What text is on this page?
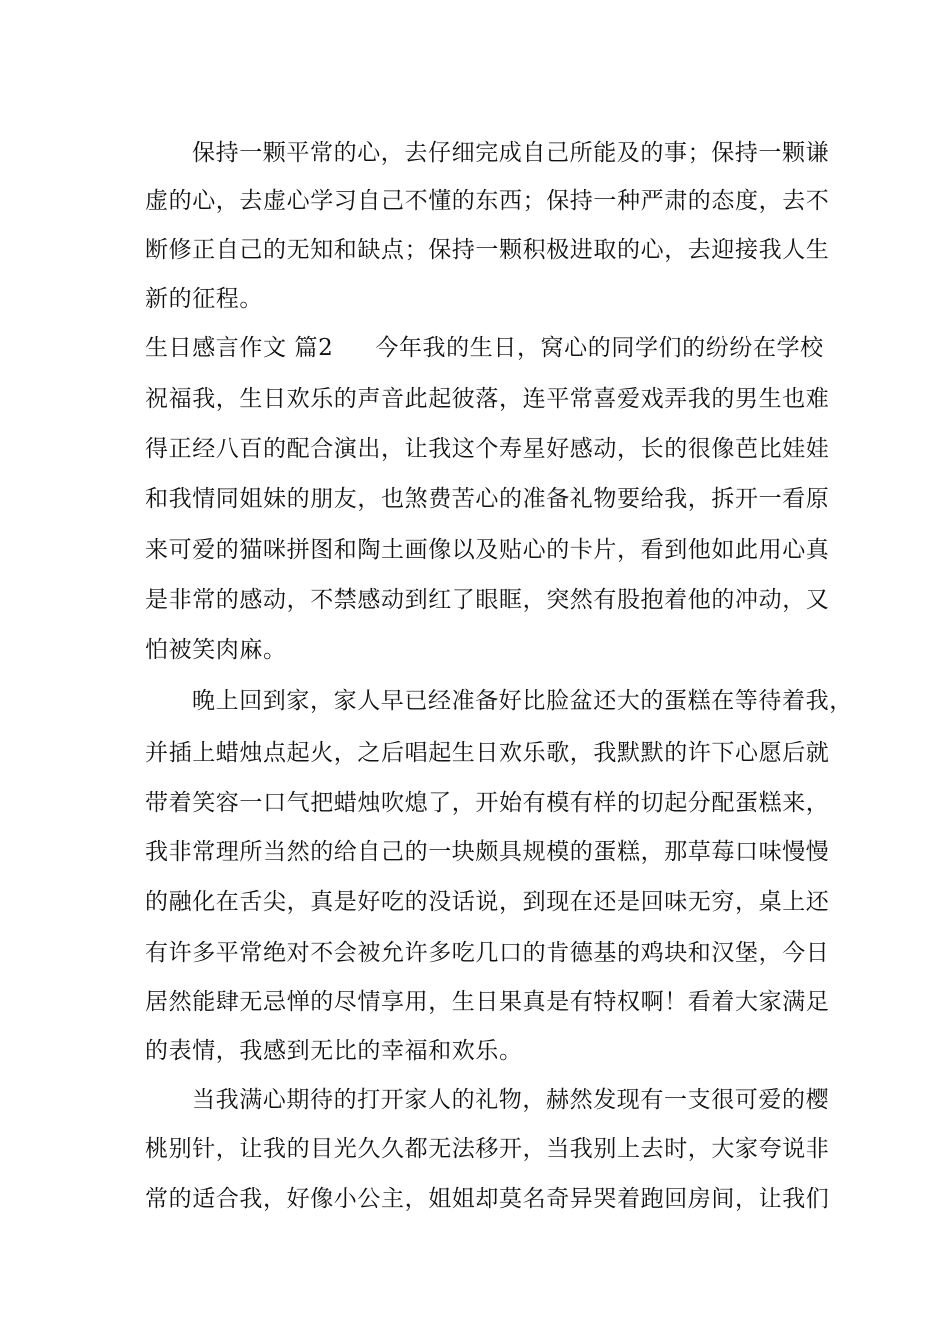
保持一颗平常的心，去仔细完成自己所能及的事；保持一颗谦
虚的心，去虚心学习自己不懂的东西；保持一种严肃的态度，去不
断修正自己的无知和缺点；保持一颗积极进取的心，去迎接我人生
新的征程。
生日感言作文 篇2 今年我的生日，窝心的同学们的纷纷在学校
祝福我，生日欢乐的声音此起彼落，连平常喜爱戏弄我的男生也难
得正经八百的配合演出，让我这个寿星好感动，长的很像芭比娃娃
和我情同姐妹的朋友，也煞费苦心的准备礼物要给我，拆开一看原
来可爱的猫咪拼图和陶土画像以及贴心的卡片，看到他如此用心真
是非常的感动，不禁感动到红了眼眶，突然有股抱着他的冲动，又
怕被笑肉麻。
晚上回到家，家人早已经准备好比脸盆还大的蛋糕在等待着我，
并插上蜡烛点起火，之后唱起生日欢乐歌，我默默的许下心愿后就
带着笑容一口气把蜡烛吹熄了，开始有模有样的切起分配蛋糕来，
我非常理所当然的给自己的一块颇具规模的蛋糕，那草莓口味慢慢
的融化在舌尖，真是好吃的没话说，到现在还是回味无穷，桌上还
有许多平常绝对不会被允许多吃几口的肯德基的鸡块和汉堡，今日
居然能肆无忌惮的尽情享用，生日果真是有特权啊！看着大家满足
的表情，我感到无比的幸福和欢乐。
当我满心期待的打开家人的礼物，赫然发现有一支很可爱的樱
桃别针，让我的目光久久都无法移开，当我别上去时，大家夸说非
常的适合我，好像小公主，姐姐却莫名奇异哭着跑回房间，让我们
